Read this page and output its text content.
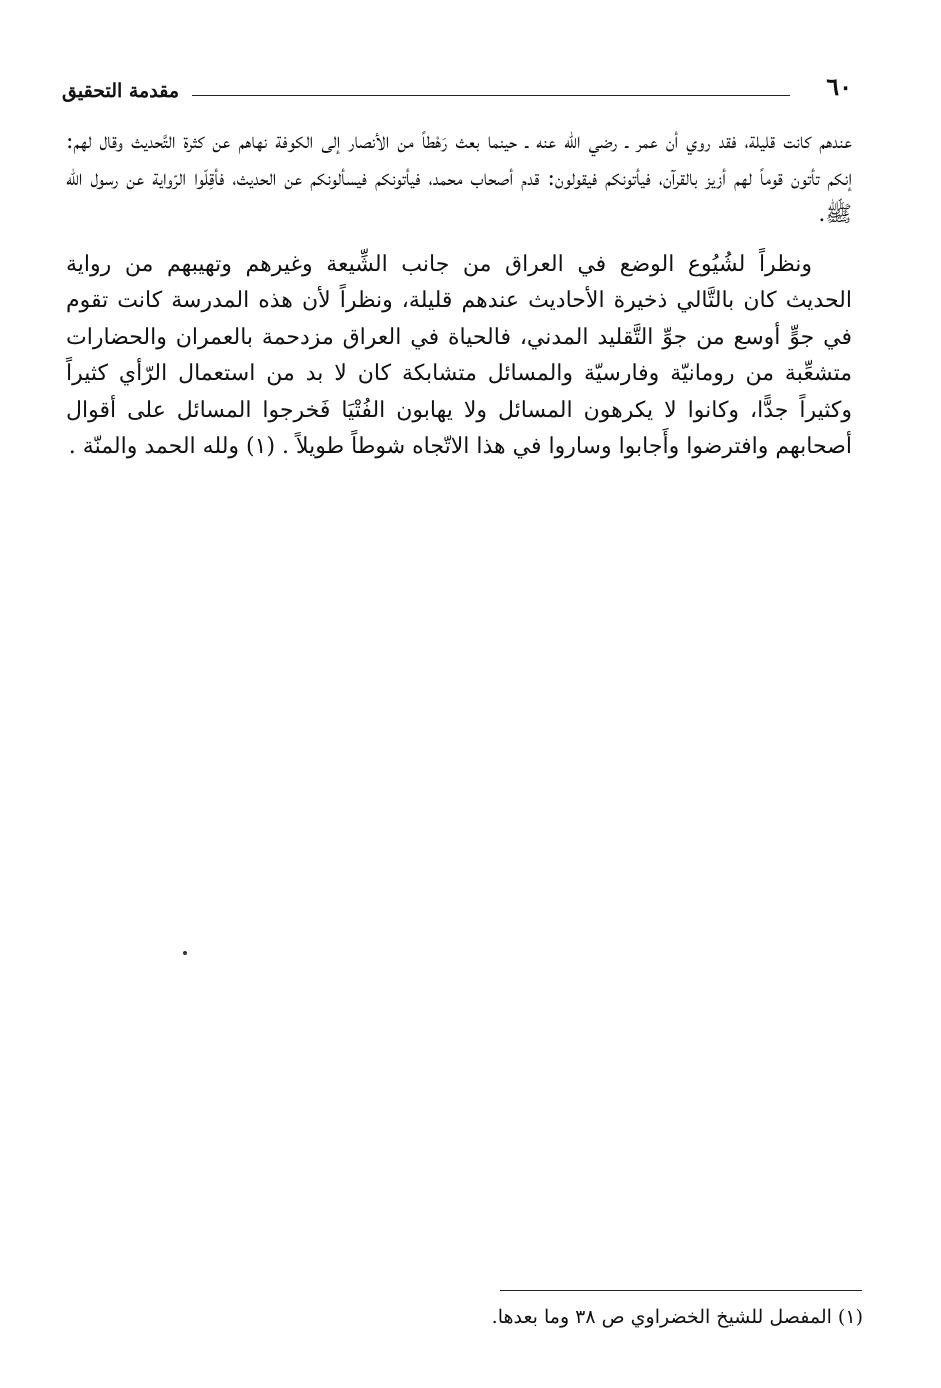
٦٠
مقدمة التحقيق

عندهم كانت قليلة، فقد روي أن عمر ـ رضي الله عنه ـ حينما بعث رَهْطاً من الأنصار إلى الكوفة نهاهم عن كثرة التَّحديث وقال لهم: إنكم تأتون قوماً لهم أزيز بالقرآن، فيأتونكم فيقولون: قدم أصحاب محمد، فيأتونكم فيسألونكم عن الحديث، فأقِلّوا الرّواية عن رسول الله ﷺ.

ونظراً لشُيُوع الوضع في العراق من جانب الشِّيعة وغيرهم وتهيبهم من رواية الحديث كان بالتَّالي ذخيرة الأحاديث عندهم قليلة، ونظراً لأن هذه المدرسة كانت تقوم في جوٍّ أوسع من جوِّ التَّقليد المدني، فالحياة في العراق مزدحمة بالعمران والحضارات متشعِّبة من رومانيّة وفارسيّة والمسائل متشابكة كان لا بد من استعمال الرّأي كثيراً وكثيراً جدًّا، وكانوا لا يكرهون المسائل ولا يهابون الفُتْيَا فَخرجوا المسائل على أقوال أصحابهم وافترضوا وأَجابوا وساروا في هذا الاتّجاه شوطاً طويلاً . (١) ولله الحمد والمنّة .

(١) المفصل للشيخ الخضراوي ص ٣٨ وما بعدها.
